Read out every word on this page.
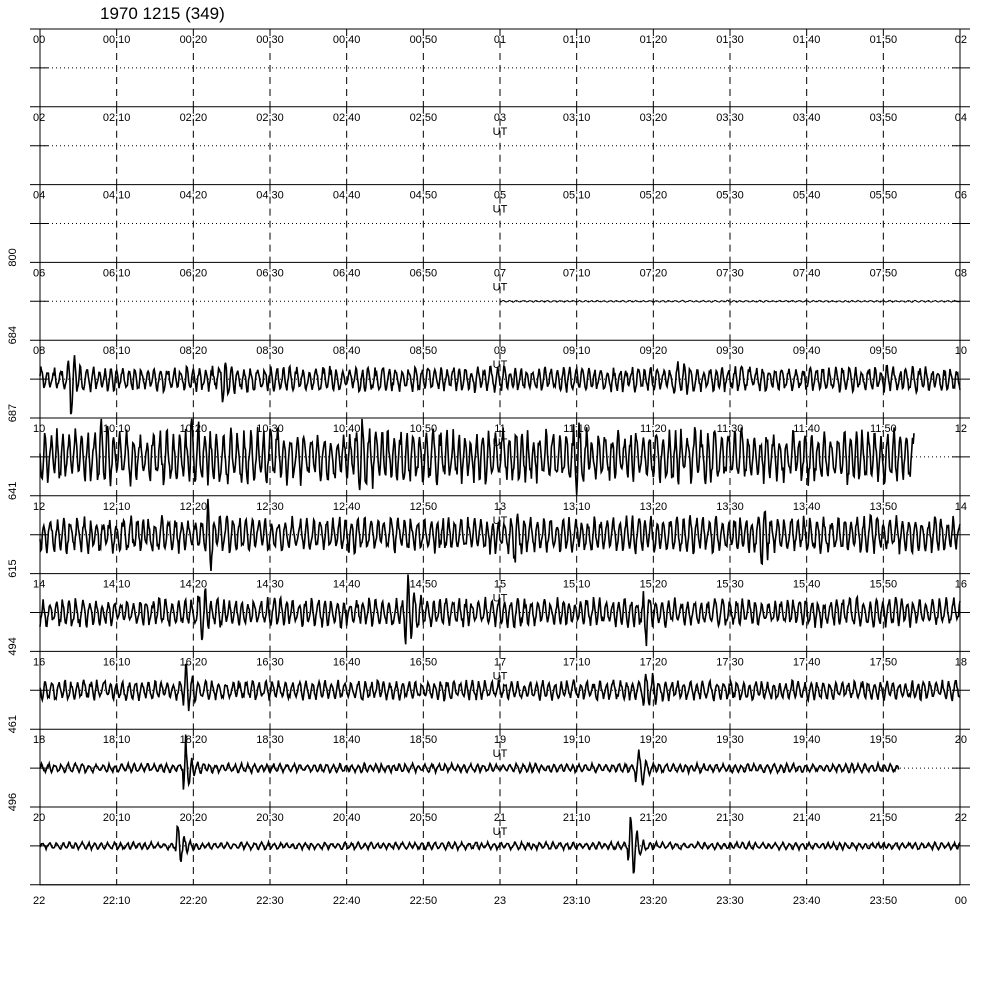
1970 1215 (349)
00	00:10	00:20	00:30	00:40	00:50	01	01:10	01:20	01:30	01:40	01:50	02
02	02:10	02:20	02:30	02:40	02:50	03	03:10	03:20	03:30	03:40	03:50	04
UT
04	04:10	04:20	04:30	04:40	04:50	05	05:10	05:20	05:30	05:40	05:50	06
UT
06	06:10	06:20	06:30	06:40	06:50	07	07:10	07:20	07:30	07:40	07:50	08
UT
800
08	08:10	08:20	08:30	08:40	08:50	09	09:10	09:20	09:30	09:40	09:50	10
UT
684
10	10:10	10:20	10:30	10:40	10:50	11	11:10	11:20	11:30	11:40	11:50	12
UT
687
12	12:10	12:20	12:30	12:40	12:50	13	13:10	13:20	13:30	13:40	13:50	14
UT
641
14	14:10	14:20	14:30	14:40	14:50	15	15:10	15:20	15:30	15:40	15:50	16
UT
615
16	16:10	16:20	16:30	16:40	16:50	17	17:10	17:20	17:30	17:40	17:50	18
UT
494
18	18:10	18:20	18:30	18:40	18:50	19	19:10	19:20	19:30	19:40	19:50	20
UT
461
20	20:10	20:20	20:30	20:40	20:50	21	21:10	21:20	21:30	21:40	21:50	22
UT
496
22	22:10	22:20	22:30	22:40	22:50	23	23:10	23:20	23:30	23:40	23:50	00
